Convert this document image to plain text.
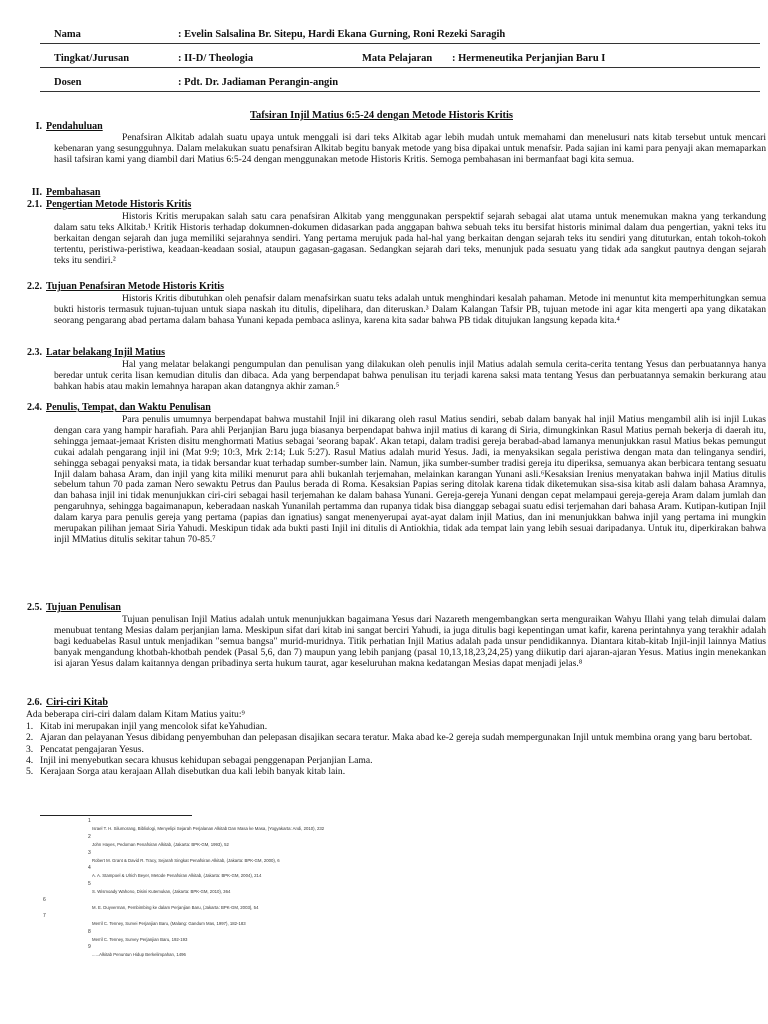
Nama	: Evelin Salsalina Br. Sitepu, Hardi Ekana Gurning, Roni Rezeki Saragih
Tingkat/Jurusan	: II-D/ Theologia	Mata Pelajaran : Hermeneutika Perjanjian Baru I
Dosen	: Pdt. Dr. Jadiaman Perangin-angin
Tafsiran Injil Matius 6:5-24 dengan Metode Historis Kritis
I. Pendahuluan
Penafsiran Alkitab adalah suatu upaya untuk menggali isi dari teks Alkitab agar lebih mudah untuk memahami dan menelusuri nats kitab tersebut untuk mencari kebenaran yang sesungguhnya. Dalam melakukan suatu penafsiran Alkitab begitu banyak metode yang bisa dipakai untuk menafsir. Pada sajian ini kami para penyaji akan memaparkan hasil tafsiran kami yang diambil dari Matius 6:5-24 dengan menggunakan metode Historis Kritis. Semoga pembahasan ini bermanfaat bagi kita semua.
II. Pembahasan
2.1. Pengertian Metode Historis Kritis
Historis Kritis merupakan salah satu cara penafsiran Alkitab yang menggunakan perspektif sejarah sebagai alat utama untuk menemukan makna yang terkandung dalam satu teks Alkitab.¹ Kritik Historis terhadap dokumnen-dokumen didasarkan pada anggapan bahwa sebuah teks itu bersifat historis minimal dalam dua pengertian, yakni teks itu berkaitan dengan sejarah dan juga memiliki sejarahnya sendiri. Yang pertama merujuk pada hal-hal yang berkaitan dengan sejarah teks itu sendiri yang dituturkan, entah tokoh-tokoh tertentu, peristiwa-peristiwa, keadaan-keadaan sosial, ataupun gagasan-gagasan. Sedangkan sejarah dari teks, menunjuk pada sesuatu yang tidak ada sangkut pautnya dengan sejarah teks itu sendiri.²
2.2. Tujuan Penafsiran Metode Historis Kritis
Historis Kritis dibutuhkan oleh penafsir dalam menafsirkan suatu teks adalah untuk menghindari kesalah pahaman. Metode ini menuntut kita memperhitungkan semua bukti historis termasuk tujuan-tujuan untuk siapa naskah itu ditulis, dipelihara, dan diteruskan.³ Dalam Kalangan Tafsir PB, tujuan metode ini agar kita mengerti apa yang dikatakan seorang pengarang abad pertama dalam bahasa Yunani kepada pembaca aslinya, karena kita sadar bahwa PB tidak ditujukan langsung kepada kita.⁴
2.3. Latar belakang Injil Matius
Hal yang melatar belakangi pengumpulan dan penulisan yang dilakukan oleh penulis injil Matius adalah semula cerita-cerita tentang Yesus dan perbuatannya hanya beredar untuk cerita lisan kemudian ditulis dan dibaca. Ada yang berpendapat bahwa penulisan itu terjadi karena saksi mata tentang Yesus dan perbuatannya semakin berkurang atau bahkan habis atau makin lemahnya harapan akan datangnya akhir zaman.⁵
2.4. Penulis, Tempat, dan Waktu Penulisan
Para penulis umumnya berpendapat bahwa mustahil Injil ini dikarang oleh rasul Matius sendiri, sebab dalam banyak hal injil Matius mengambil alih isi injil Lukas dengan cara yang hampir harafiah. Para ahli Perjanjian Baru juga biasanya berpendapat bahwa injil matius di karang di Siria, dimungkinkan Rasul Matius pernah bekerja di daerah itu, sehingga jemaat-jemaat Kristen disitu menghormati Matius sebagai 'seorang bapak'. Akan tetapi, dalam tradisi gereja berabad-abad lamanya menunjukkan rasul Matius bekas pemungut cukai adalah pengarang injil ini (Mat 9:9; 10:3, Mrk 2:14; Luk 5:27). Rasul Matius adalah murid Yesus. Jadi, ia menyaksikan segala peristiwa dengan mata dan telinganya sendiri, sehingga sebagai penyaksi mata, ia tidak bersandar kuat terhadap sumber-sumber lain. Namun, jika sumber-sumber tradisi gereja itu diperiksa, semuanya akan berbicara tentang sesuatu Injil dalam bahasa Aram, dan injil yang kita miliki menurut para ahli bukanlah terjemahan, melainkan karangan Yunani asli.⁶Kesaksian Irenius menyatakan bahwa injil Matius ditulis sebelum tahun 70 pada zaman Nero sewaktu Petrus dan Paulus berada di Roma. Kesaksian Papias sering ditolak karena tidak diketemukan sisa-sisa kitab asli dalam bahasa Aramnya, dan bahasa injil ini tidak menunjukkan ciri-ciri sebagai hasil terjemahan ke dalam bahasa Yunani. Gereja-gereja Yunani dengan cepat melampaui gereja-gereja Aram dalam jumlah dan pengaruhnya, sehingga bagaimanapun, keberadaan naskah Yunanilah pertamma dan rupanya tidak bisa dianggap sebagai suatu edisi terjemahan dari bahasa Aram. Kutipan-kutipan Injil dalam karya para penulis gereja yang pertama (papias dan ignatius) sangat menenyerupai ayat-ayat dalam injil Matius, dan ini menunjukkan bahwa injil yang pertama ini mungkin merupakan pilihan jemaat Siria Yahudi. Meskipun tidak ada bukti pasti Injil ini ditulis di Antiokhia, tidak ada tempat lain yang lebih sesuai daripadanya. Untuk itu, diperkirakan bahwa injil MMatius ditulis sekitar tahun 70-85.⁷
2.5. Tujuan Penulisan
Tujuan penulisan Injil Matius adalah untuk menunjukkan bagaimana Yesus dari Nazareth mengembangkan serta menguraikan Wahyu Illahi yang telah dimulai dalam menubuat tentang Mesias dalam perjanjian lama. Meskipun sifat dari kitab ini sangat berciri Yahudi, ia juga ditulis bagi kepentingan umat kafir, karena perintahnya yang terakhir adalah bagi keduabelas Rasul untuk menjadikan "semua bangsa" murid-muridnya. Titik perhatian Injil Matius adalah pada unsur pendidikannya. Diantara kitab-kitab Injil-injil lainnya Matius banyak mengandung khotbah-khotbah pendek (Pasal 5,6, dan 7) maupun yang lebih panjang (pasal 10,13,18,23,24,25) yang diikutip dari ajaran-ajaran Yesus. Matius ingin menekankan isi ajaran Yesus dalam kaitannya dengan pribadinya serta hukum taurat, agar keseluruhan makna kedatangan Mesias dapat menjadi jelas.⁸
2.6. Ciri-ciri Kitab
Ada beberapa ciri-ciri dalam dalam Kitam Matius yaitu:⁹
1. Kitab ini merupakan injil yang mencolok sifat keYahudian.
2. Ajaran dan pelayanan Yesus dibidang penyembuhan dan pelepasan disajikan secara teratur. Maka abad ke-2 gereja sudah mempergunakan Injil untuk membina orang yang baru bertobat.
3. Pencatat pengajaran Yesus.
4. Injil ini menyebutkan secara khusus kehidupan sebagai penggenapan Perjanjian Lama.
5. Kerajaan Sorga atau kerajaan Allah disebutkan dua kali lebih banyak kitab lain.
1
Israel T. H. Silumorang, Bibliologi, Menyelipi Sejarah Perjalanan Alkitab Dan Masa ke Masa, (Yogyakarta: Andi, 2010), 232
2
John Hayes, Pedoman Penafsiran Alkitab, (Jakarta: BPK-GM, 1993), 52
3
Robert M. Grant & David R. Tracy, Sejarah Singkat Penafsiran Alkitab, (Jakarta: BPK-GM, 2000), 6
4
A. A. Stampoel & Ulrich Beyer, Metode Penafsiran Alkitab, (Jakarta: BPK-GM, 2004), 214
5
S. Wismoady Wahono, Disini Kutemukan, (Jakarta: BPK-GM, 2010), 364
6
M. E. Duyverman, Pembimbing ke dalam Perjanjian Baru, (Jakarta: BPK-GM, 2003), 54
7
Merril C. Tenney, Survei Perjanjian Baru, (Malang: Gandum Mas, 1997), 182-183
8
Merril C. Tenney, Survey Perjanjian Baru, 192-193
9
......Alkitab Penuntun Hidup Berkelimpahan, 1496
